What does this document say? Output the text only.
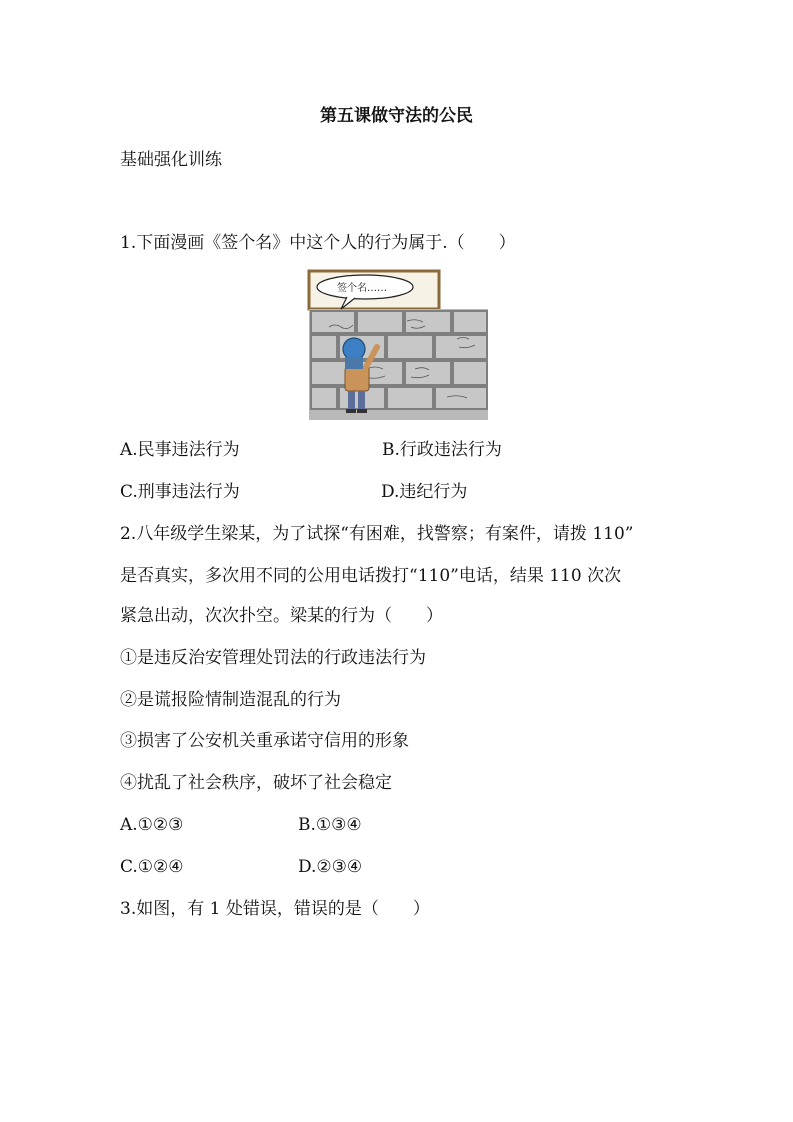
第五课做守法的公民
基础强化训练
1.下面漫画《签个名》中这个人的行为属于.（　　）
签个名……
A.民事违法行为	B.行政违法行为
C.刑事违法行为	D.违纪行为
2.八年级学生梁某，为了试探“有困难，找警察；有案件，请拨 110”
是否真实，多次用不同的公用电话拨打“110”电话，结果 110 次次
紧急出动，次次扑空。梁某的行为（　　）
①是违反治安管理处罚法的行政违法行为
②是谎报险情制造混乱的行为
③损害了公安机关重承诺守信用的形象
④扰乱了社会秩序，破坏了社会稳定
A.①②③	B.①③④
C.①②④	D.②③④
3.如图，有 1 处错误，错误的是（　　）
